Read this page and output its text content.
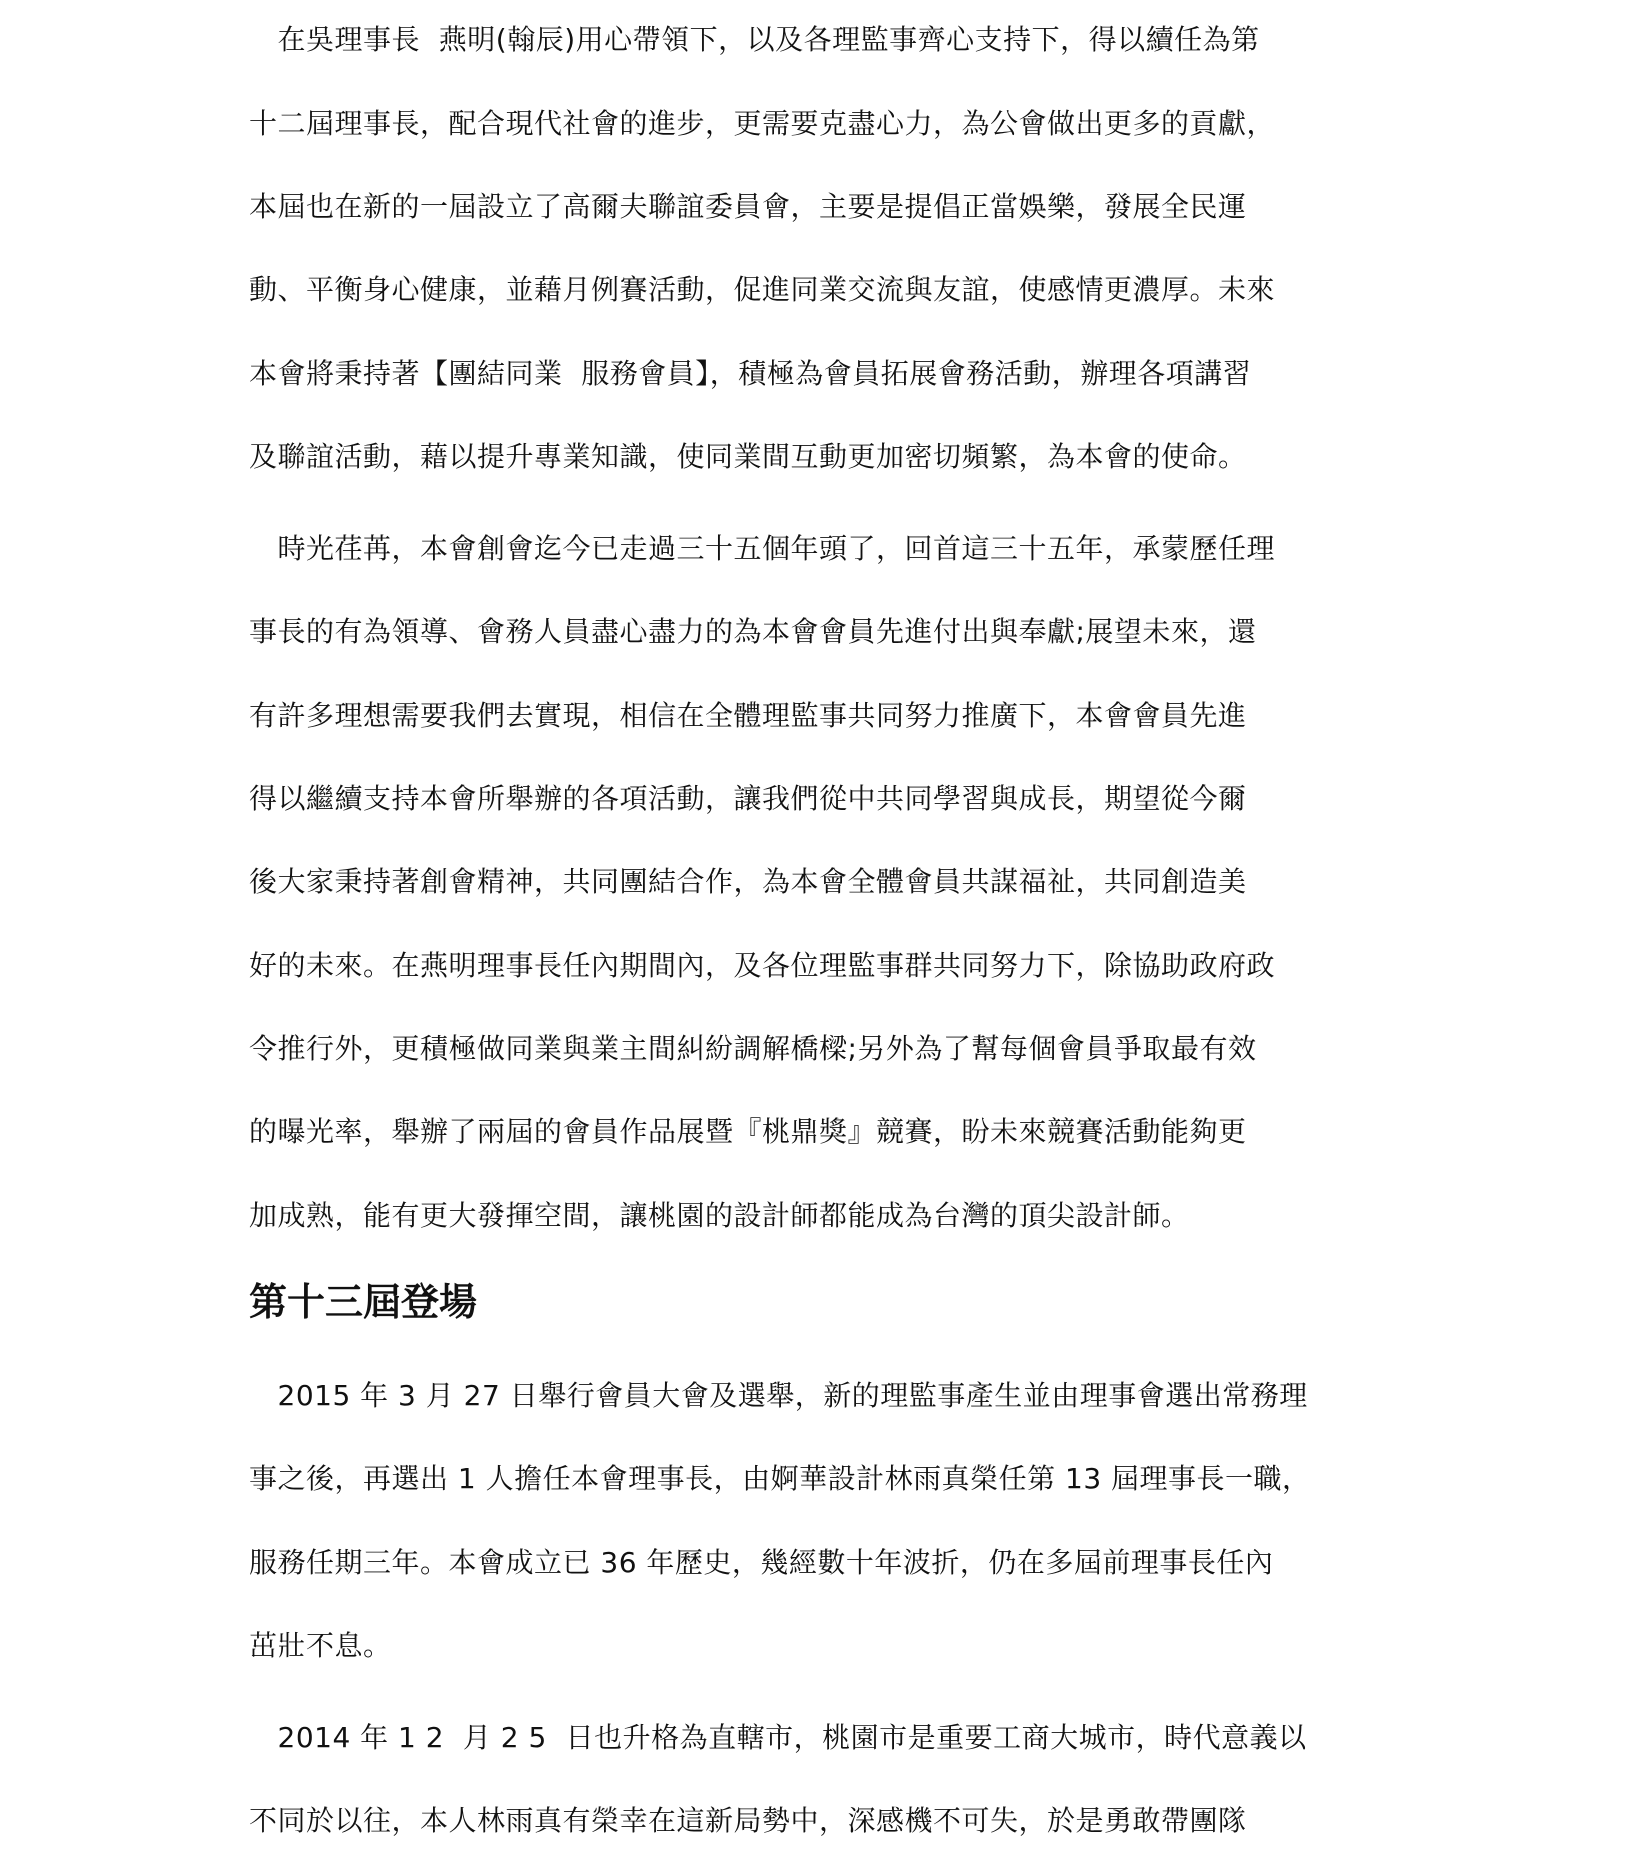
　在吳理事長  燕明(翰辰)用心帶領下，以及各理監事齊心支持下，得以續任為第
十二屆理事長，配合現代社會的進步，更需要克盡心力，為公會做出更多的貢獻，
本屆也在新的一屆設立了高爾夫聯誼委員會，主要是提倡正當娛樂，發展全民運
動、平衡身心健康，並藉月例賽活動，促進同業交流與友誼，使感情更濃厚。未來
本會將秉持著【團結同業  服務會員】，積極為會員拓展會務活動，辦理各項講習
及聯誼活動，藉以提升專業知識，使同業間互動更加密切頻繁，為本會的使命。
　時光荏苒，本會創會迄今已走過三十五個年頭了，回首這三十五年，承蒙歷任理
事長的有為領導、會務人員盡心盡力的為本會會員先進付出與奉獻;展望未來，還
有許多理想需要我們去實現，相信在全體理監事共同努力推廣下，本會會員先進
得以繼續支持本會所舉辦的各項活動，讓我們從中共同學習與成長，期望從今爾
後大家秉持著創會精神，共同團結合作，為本會全體會員共謀福祉，共同創造美
好的未來。在燕明理事長任內期間內，及各位理監事群共同努力下，除協助政府政
令推行外，更積極做同業與業主間糾紛調解橋樑;另外為了幫每個會員爭取最有效
的曝光率，舉辦了兩屆的會員作品展暨『桃鼎獎』競賽，盼未來競賽活動能夠更
加成熟，能有更大發揮空間，讓桃園的設計師都能成為台灣的頂尖設計師。
第十三屆登場
　2015 年 3 月 27 日舉行會員大會及選舉，新的理監事產生並由理事會選出常務理
事之後，再選出 1 人擔任本會理事長，由婀華設計林雨真榮任第 13 屆理事長一職，
服務任期三年。本會成立已 36 年歷史，幾經數十年波折，仍在多屆前理事長任內
茁壯不息。
　2014 年 1 2  月 2 5  日也升格為直轄市，桃園市是重要工商大城市，時代意義以
不同於以往，本人林雨真有榮幸在這新局勢中，深感機不可失，於是勇敢帶團隊
